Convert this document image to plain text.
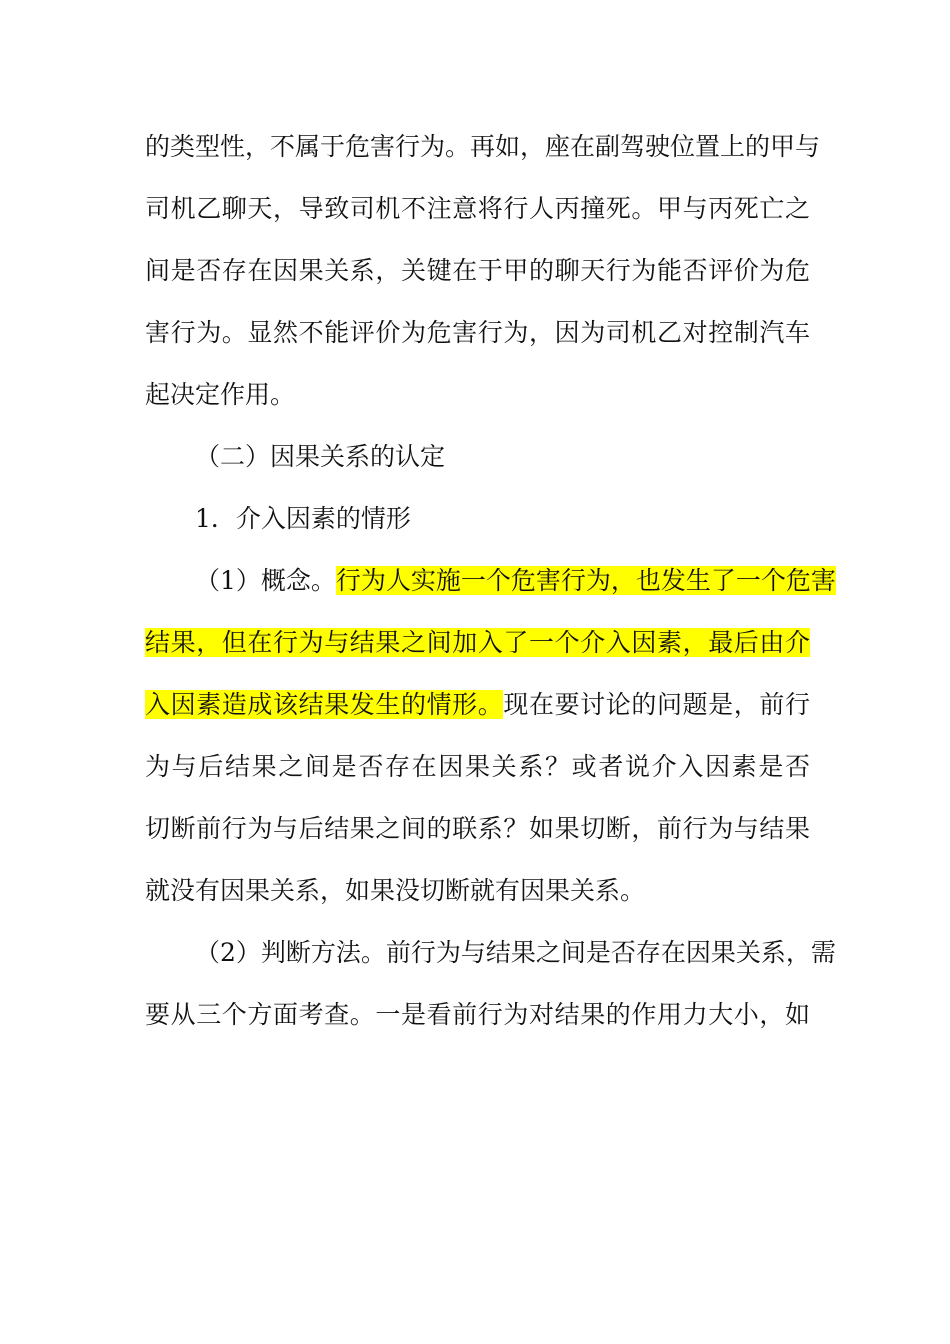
的类型性，不属于危害行为。再如，座在副驾驶位置上的甲与

司机乙聊天，导致司机不注意将行人丙撞死。甲与丙死亡之

间是否存在因果关系，关键在于甲的聊天行为能否评价为危

害行为。显然不能评价为危害行为，因为司机乙对控制汽车

起决定作用。

（二）因果关系的认定

1．介入因素的情形

（1）概念。行为人实施一个危害行为，也发生了一个危害

结果，但在行为与结果之间加入了一个介入因素，最后由介

入因素造成该结果发生的情形。现在要讨论的问题是，前行

为与后结果之间是否存在因果关系？或者说介入因素是否

切断前行为与后结果之间的联系？如果切断，前行为与结果

就没有因果关系，如果没切断就有因果关系。

（2）判断方法。前行为与结果之间是否存在因果关系，需

要从三个方面考查。一是看前行为对结果的作用力大小，如
